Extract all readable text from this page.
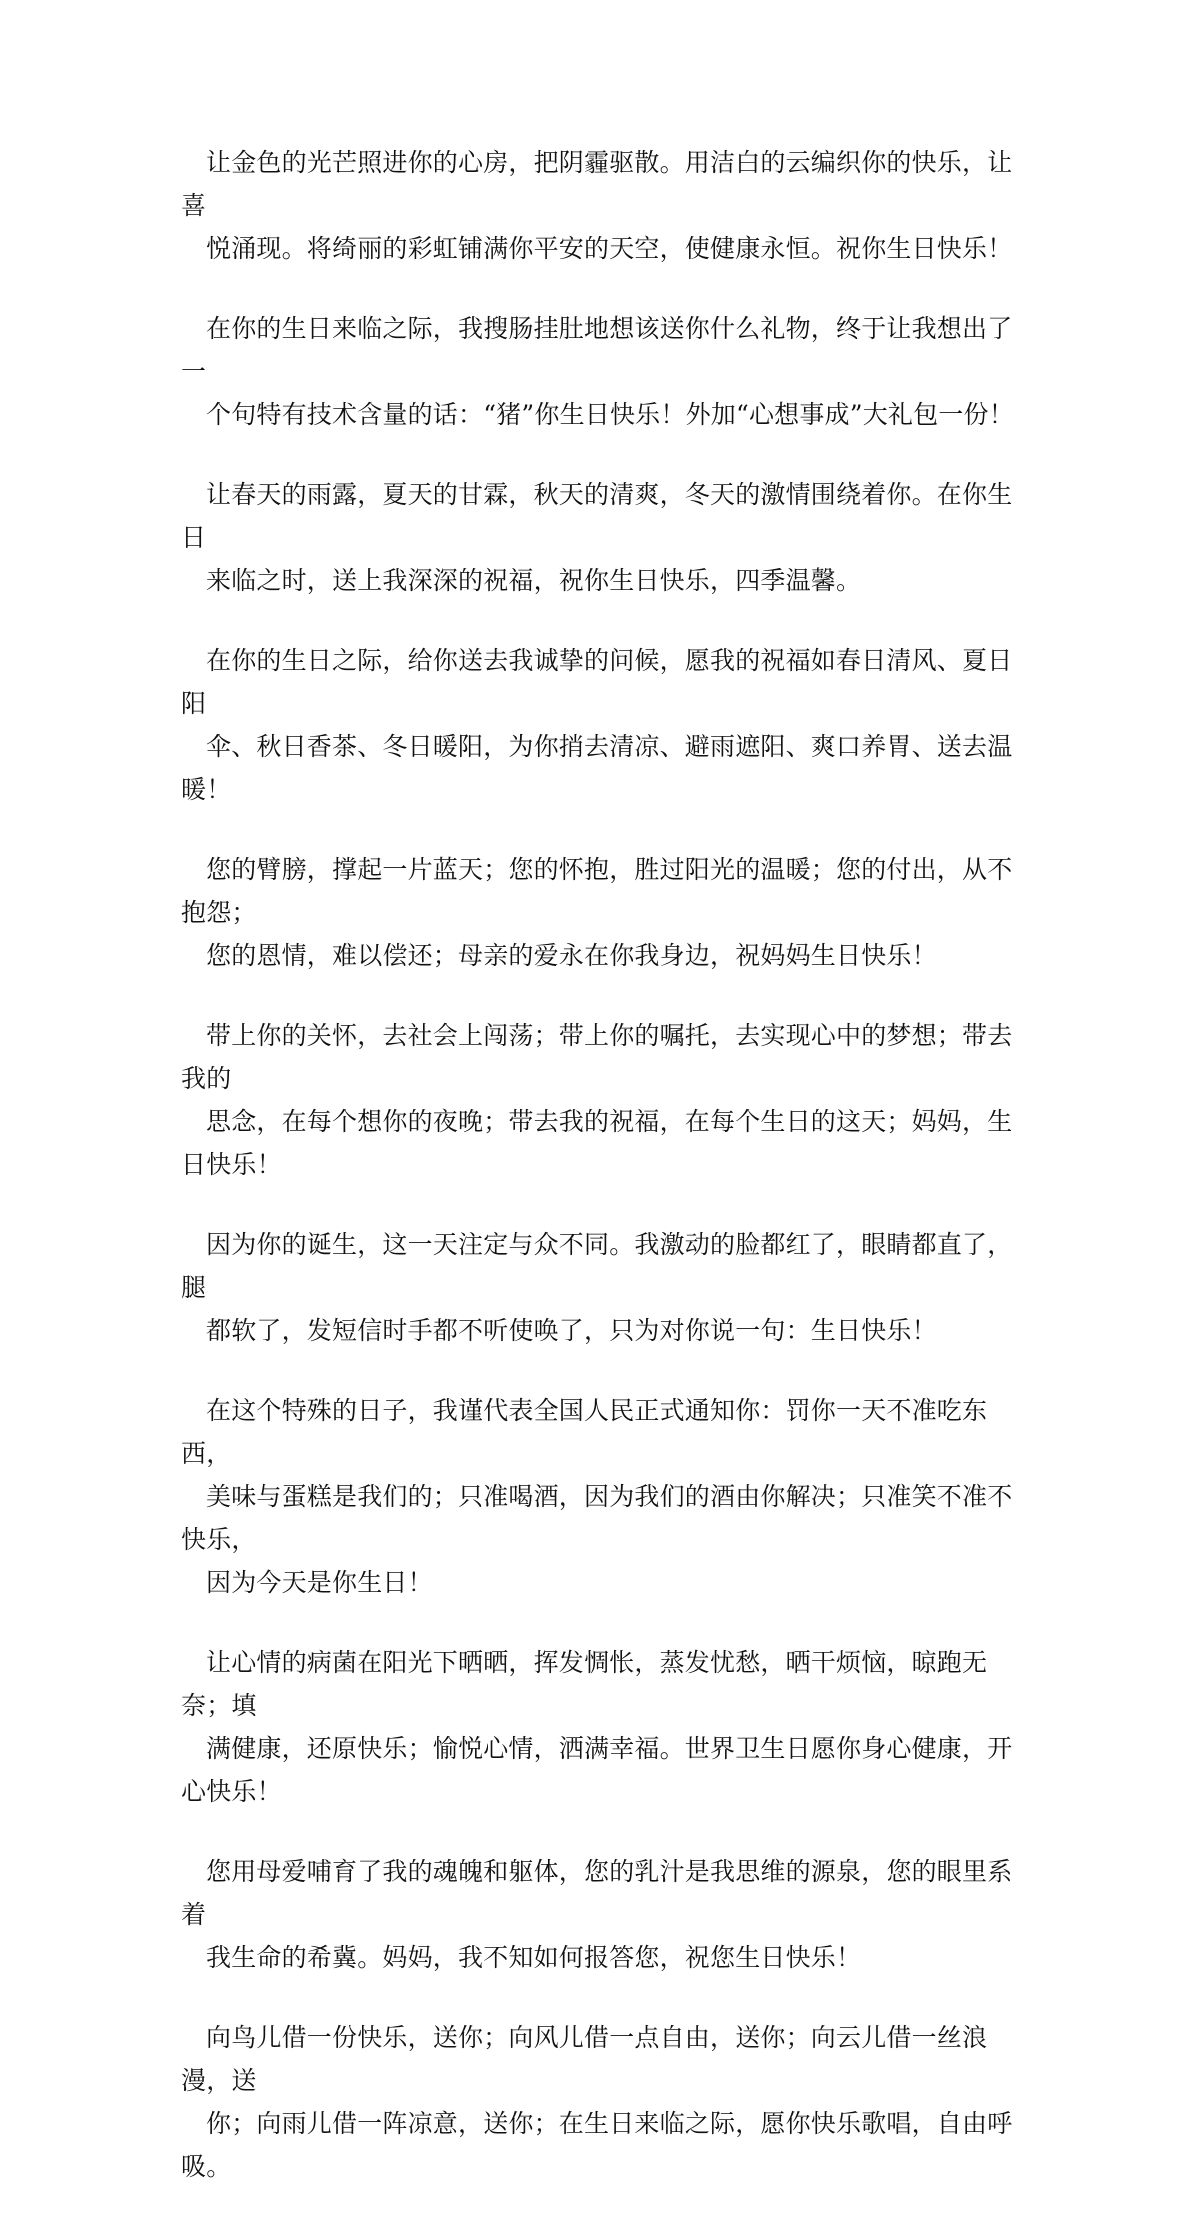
让金色的光芒照进你的心房，把阴霾驱散。用洁白的云编织你的快乐，让喜
悦涌现。将绮丽的彩虹铺满你平安的天空，使健康永恒。祝你生日快乐！

在你的生日来临之际，我搜肠挂肚地想该送你什么礼物，终于让我想出了一
个句特有技术含量的话：“猪”你生日快乐！外加“心想事成”大礼包一份！

让春天的雨露，夏天的甘霖，秋天的清爽，冬天的激情围绕着你。在你生日
来临之时，送上我深深的祝福，祝你生日快乐，四季温馨。

在你的生日之际，给你送去我诚挚的问候，愿我的祝福如春日清风、夏日阳
伞、秋日香茶、冬日暖阳，为你捎去清凉、避雨遮阳、爽口养胃、送去温暖！

您的臂膀，撑起一片蓝天；您的怀抱，胜过阳光的温暖；您的付出，从不抱怨；
您的恩情，难以偿还；母亲的爱永在你我身边，祝妈妈生日快乐！

带上你的关怀，去社会上闯荡；带上你的嘱托，去实现心中的梦想；带去我的
思念，在每个想你的夜晚；带去我的祝福，在每个生日的这天；妈妈，生日快乐！

因为你的诞生，这一天注定与众不同。我激动的脸都红了，眼睛都直了，腿
都软了，发短信时手都不听使唤了，只为对你说一句：生日快乐！

在这个特殊的日子，我谨代表全国人民正式通知你：罚你一天不准吃东西，
美味与蛋糕是我们的；只准喝酒，因为我们的酒由你解决；只准笑不准不快乐，
因为今天是你生日！

让心情的病菌在阳光下晒晒，挥发惆怅，蒸发忧愁，晒干烦恼，晾跑无奈；填
满健康，还原快乐；愉悦心情，洒满幸福。世界卫生日愿你身心健康，开心快乐！

您用母爱哺育了我的魂魄和躯体，您的乳汁是我思维的源泉，您的眼里系着
我生命的希冀。妈妈，我不知如何报答您，祝您生日快乐！

向鸟儿借一份快乐，送你；向风儿借一点自由，送你；向云儿借一丝浪漫，送
你；向雨儿借一阵凉意，送你；在生日来临之际，愿你快乐歌唱，自由呼吸。
